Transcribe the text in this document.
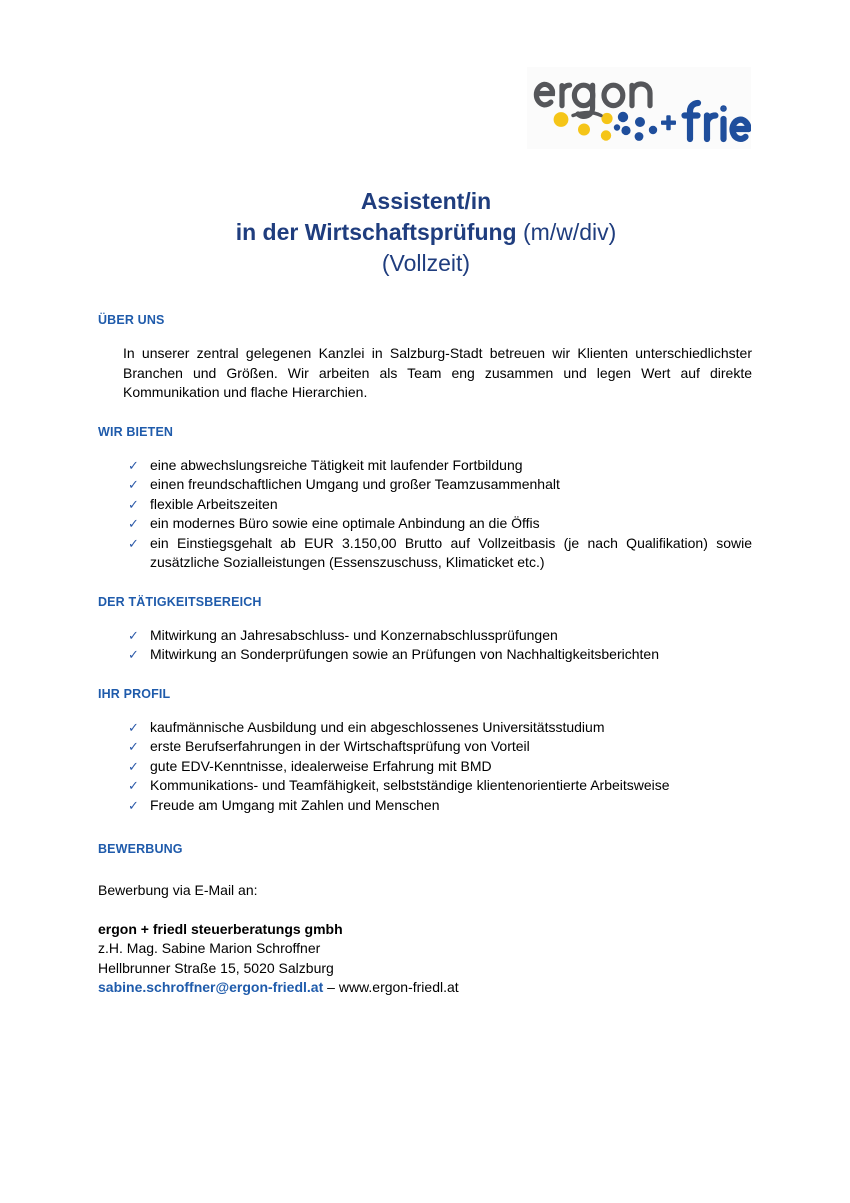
Assistent/in
in der Wirtschaftsprüfung (m/w/div)
(Vollzeit)
ÜBER UNS

In unserer zentral gelegenen Kanzlei in Salzburg-Stadt betreuen wir Klienten unterschiedlichster Branchen und Größen. Wir arbeiten als Team eng zusammen und legen Wert auf direkte Kommunikation und flache Hierarchien.

WIR BIETEN
✓ eine abwechslungsreiche Tätigkeit mit laufender Fortbildung
✓ einen freundschaftlichen Umgang und großer Teamzusammenhalt
✓ flexible Arbeitszeiten
✓ ein modernes Büro sowie eine optimale Anbindung an die Öffis
✓ ein Einstiegsgehalt ab EUR 3.150,00 Brutto auf Vollzeitbasis (je nach Qualifikation) sowie zusätzliche Sozialleistungen (Essenszuschuss, Klimaticket etc.)
DER TÄTIGKEITSBEREICH
✓ Mitwirkung an Jahresabschluss- und Konzernabschlussprüfungen
✓ Mitwirkung an Sonderprüfungen sowie an Prüfungen von Nachhaltigkeitsberichten
IHR PROFIL
✓ kaufmännische Ausbildung und ein abgeschlossenes Universitätsstudium
✓ erste Berufserfahrungen in der Wirtschaftsprüfung von Vorteil
✓ gute EDV-Kenntnisse, idealerweise Erfahrung mit BMD
✓ Kommunikations- und Teamfähigkeit, selbstständige klientenorientierte Arbeitsweise
✓ Freude am Umgang mit Zahlen und Menschen
BEWERBUNG

Bewerbung via E-Mail an:

ergon + friedl steuerberatungs gmbh

z.H. Mag. Sabine Marion Schroffner

Hellbrunner Straße 15, 5020 Salzburg

sabine.schroffner@ergon-friedl.at – www.ergon-friedl.at
